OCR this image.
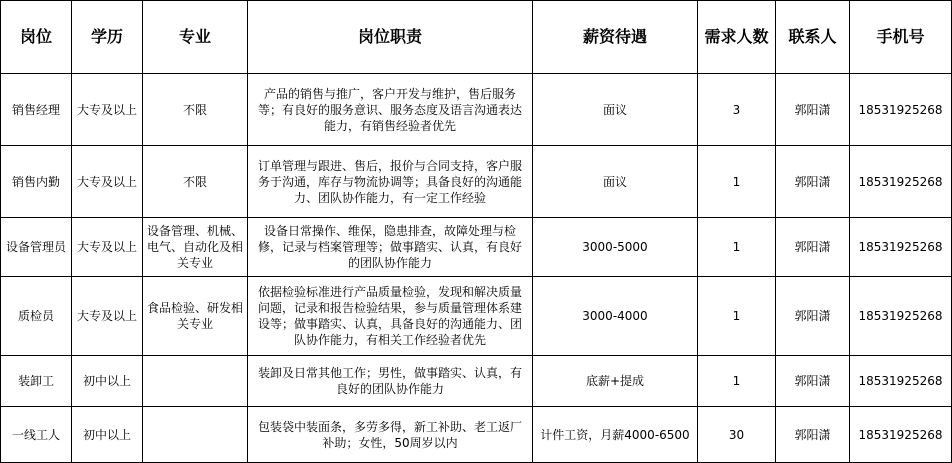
岗位	学历	专业	岗位职责	薪资待遇	需求人数	联系人	手机号
销售经理	大专及以上	不限	产品的销售与推广，客户开发与维护，售后服务等；有良好的服务意识、服务态度及语言沟通表达能力，有销售经验者优先	面议	3	郭阳潇	18531925268
销售内勤	大专及以上	不限	订单管理与跟进、售后，报价与合同支持，客户服务于沟通，库存与物流协调等；具备良好的沟通能力、团队协作能力，有一定工作经验	面议	1	郭阳潇	18531925268
设备管理员	大专及以上	设备管理、机械、电气、自动化及相关专业	设备日常操作、维保，隐患排查，故障处理与检修，记录与档案管理等；做事踏实、认真，有良好的团队协作能力	3000-5000	1	郭阳潇	18531925268
质检员	大专及以上	食品检验、研发相关专业	依据检验标准进行产品质量检验，发现和解决质量问题，记录和报告检验结果，参与质量管理体系建设等；做事踏实、认真，具备良好的沟通能力、团队协作能力，有相关工作经验者优先	3000-4000	1	郭阳潇	18531925268
装卸工	初中以上		装卸及日常其他工作；男性，做事踏实、认真，有良好的团队协作能力	底薪+提成	1	郭阳潇	18531925268
一线工人	初中以上		包装袋中装面条，多劳多得，新工补助、老工返厂补助；女性，50周岁以内	计件工资，月薪4000-6500	30	郭阳潇	18531925268
